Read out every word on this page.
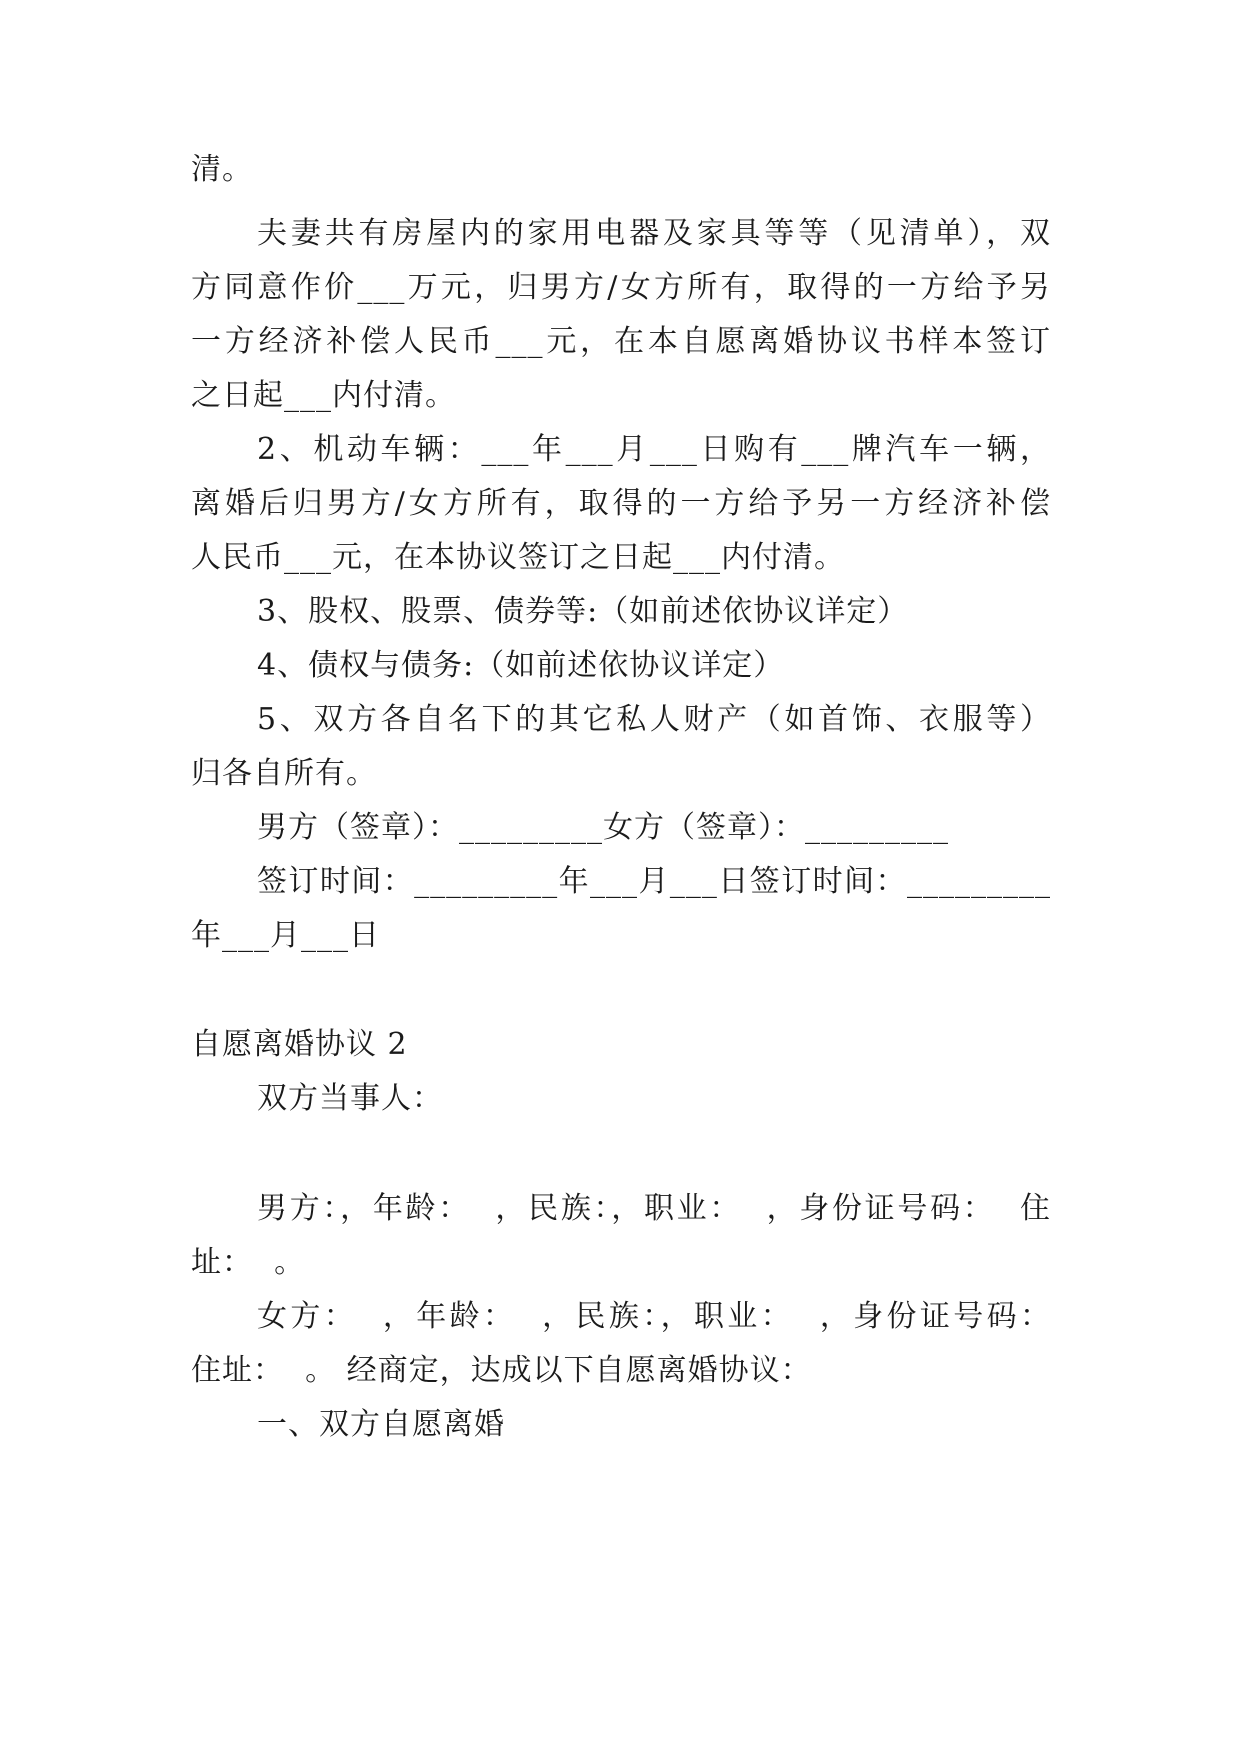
清。
夫妻共有房屋内的家用电器及家具等等（见清单），双
方同意作价___万元，归男方/女方所有，取得的一方给予另
一方经济补偿人民币___元，在本自愿离婚协议书样本签订
之日起___内付清。
2、机动车辆：___年___月___日购有___牌汽车一辆，
离婚后归男方/女方所有，取得的一方给予另一方经济补偿
人民币___元，在本协议签订之日起___内付清。
3、股权、股票、债券等:（如前述依协议详定）
4、债权与债务:（如前述依协议详定）
5、双方各自名下的其它私人财产（如首饰、衣服等）
归各自所有。
男方（签章）：_________女方（签章）：_________
签订时间：_________年___月___日签订时间：_________
年___月___日
自愿离婚协议 2
双方当事人：
男方：，年龄：  ，民族：，职业：  ，身份证号码：  住
址：  。
女方：  ，年龄：  ，民族：，职业：  ，身份证号码：
住址：  。 经商定，达成以下自愿离婚协议：
一、双方自愿离婚
